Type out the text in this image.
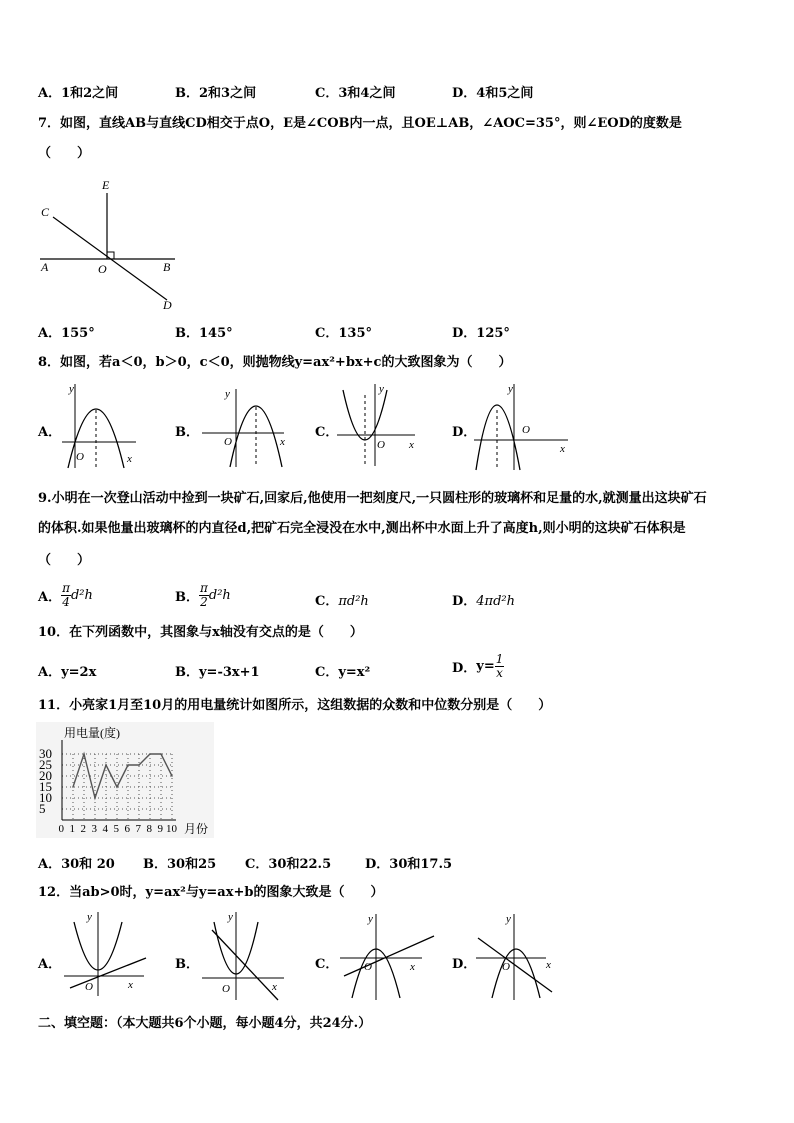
A．1和2之间	B．2和3之间	C．3和4之间	D．4和5之间
7．如图，直线AB与直线CD相交于点O，E是∠COB内一点，且OE⊥AB，∠AOC=35°，则∠EOD的度数是
（　　）
E
C
A	O	B
D
A．155°	B．145°	C．135°	D．125°
8．如图，若a＜0，b＞0，c＜0，则抛物线y=ax²+bx+c的大致图象为（　　）
A．
y
x
O
B．
y
x
O
C．
y
x
O
D．
y
x
O
9.小明在一次登山活动中捡到一块矿石,回家后,他使用一把刻度尺,一只圆柱形的玻璃杯和足量的水,就测量出这块矿石
的体积.如果他量出玻璃杯的内直径d,把矿石完全浸没在水中,测出杯中水面上升了高度h,则小明的这块矿石体积是
（　　）
A． $\frac{\pi}{4} d^2h$	B． $\frac{\pi}{2} d^2h$	C．πd²h	D．4πd²h
10．在下列函数中，其图象与x轴没有交点的是（　　）
A．y=2x	B．y=-3x+1	C．y=x²	D．$y= \frac{1}{x}$
11．小亮家1月至10月的用电量统计如图所示，这组数据的众数和中位数分别是（　　）
5
10
15
20
25
30
0 1 2 3 4 5 6 7 8 9 10
用电量(度)
月份
A．30和 20 B．30和25 C．30和22.5	D．30和17.5
12．当ab>0时，y=ax²与y=ax+b的图象大致是（　　）
A．
y
x
O
B．
y
x
O
C．
y
x
O	D．
y
x
O
二、填空题：（本大题共6个小题，每小题4分，共24分.）
